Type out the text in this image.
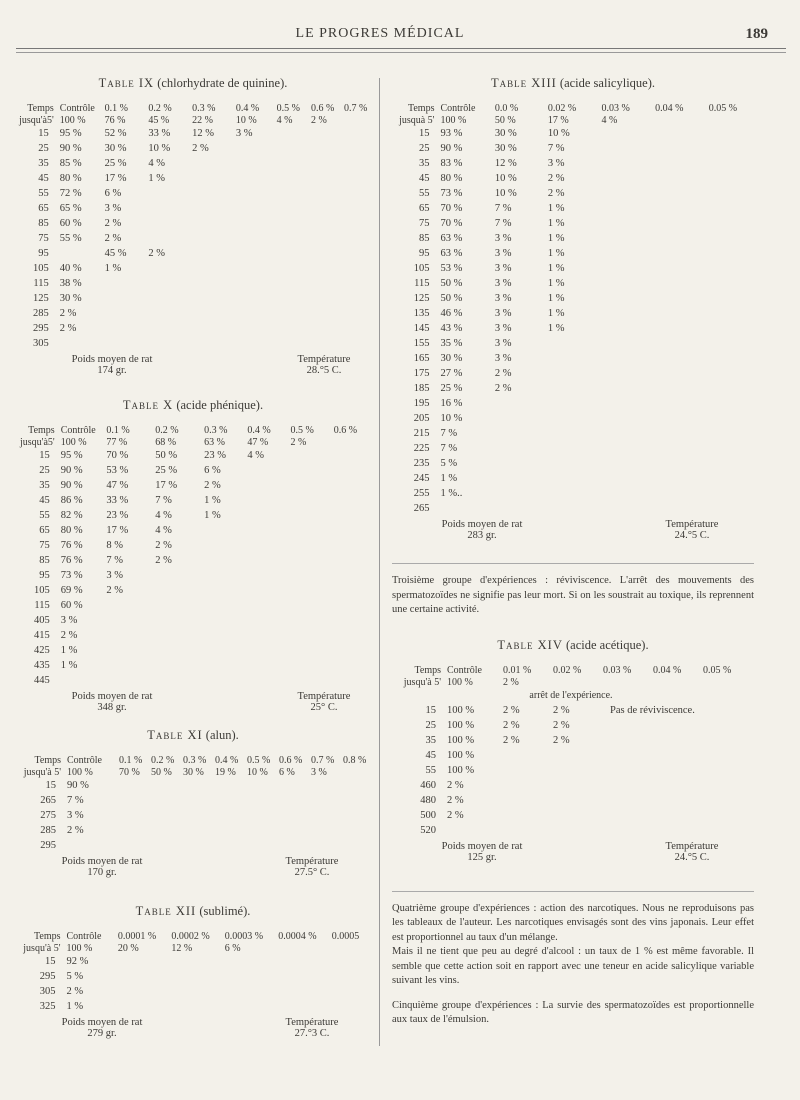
LE PROGRES MÉDICAL	189
Table IX (chlorhydrate de quinine).
Temps	Contrôle	0.1 %	0.2 %	0.3 %	0.4 %	0.5 %	0.6 %	0.7 %
jusqu'à5'	100 %	76 %	45 %	22 %	10 %	4 %	2 %	
15	95 %	52 %	33 %	12 %	3 %			
25	90 %	30 %	10 %	2 %				
35	85 %	25 %	4 %					
45	80 %	17 %	1 %					
55	72 %	6 %						
65	65 %	3 %						
85	60 %	2 %						
75	55 %	2 %						
95		45 %	2 %					
105	40 %	1 %						
115	38 %							
125	30 %							
285	2 %							
295	2 %							
305								
Poids moyen de rat
174 gr.
Température
28.°5 C.
Table X (acide phénique).
Temps	Contrôle	0.1 %	0.2 %	0.3 %	0.4 %	0.5 %	0.6 %
jusqu'à5'	100 %	77 %	68 %	63 %	47 %	2 %	
15	95 %	70 %	50 %	23 %	4 %		
25	90 %	53 %	25 %	6 %			
35	90 %	47 %	17 %	2 %			
45	86 %	33 %	7 %	1 %			
55	82 %	23 %	4 %	1 %			
65	80 %	17 %	4 %				
75	76 %	8 %	2 %				
85	76 %	7 %	2 %				
95	73 %	3 %					
105	69 %	2 %					
115	60 %						
405	3 %						
415	2 %						
425	1 %						
435	1 %						
445							
Poids moyen de rat
348 gr.
Température
25° C.
Table XI (alun).
Temps	Contrôle	0.1 %	0.2 %	0.3 %	0.4 %	0.5 %	0.6 %	0.7 %	0.8 %
jusqu'à 5'	100 %	70 %	50 %	30 %	19 %	10 %	6 %	3 %	
15	90 %								
265	7 %								
275	3 %								
285	2 %								
295									
Poids moyen de rat
170 gr.
Température
27.5° C.
Table XII (sublimé).
Temps	Contrôle	0.0001 %	0.0002 %	0.0003 %	0.0004 %	0.0005
jusqu'à 5'	100 %	20 %	12 %	6 %		
15	92 %					
295	5 %					
305	2 %					
325	1 %					
Poids moyen de rat
279 gr.
Température
27.°3 C.
Table XIII (acide salicylique).
Temps	Contrôle	0.0 %	0.02 %	0.03 %	0.04 %	0.05 %
jusquà 5'	100 %	50 %	17 %	4 %		
15	93 %	30 %	10 %			
25	90 %	30 %	7 %			
35	83 %	12 %	3 %			
45	80 %	10 %	2 %			
55	73 %	10 %	2 %			
65	70 %	7 %	1 %			
75	70 %	7 %	1 %			
85	63 %	3 %	1 %			
95	63 %	3 %	1 %			
105	53 %	3 %	1 %			
115	50 %	3 %	1 %			
125	50 %	3 %	1 %			
135	46 %	3 %	1 %			
145	43 %	3 %	1 %			
155	35 %	3 %				
165	30 %	3 %				
175	27 %	2 %				
185	25 %	2 %				
195	16 %					
205	10 %					
215	7 %					
225	7 %					
235	5 %					
245	1 %					
255	1 %..					
265						
Poids moyen de rat
283 gr.
Température
24.°5 C.

Troisième groupe d'expériences : réviviscence. L'arrêt des mouvements des spermatozoïdes ne signifie pas leur mort. Si on les soustrait au toxique, ils reprennent une certaine activité.

Table XIV (acide acétique).
Temps	Contrôle	0.01 %	0.02 %	0.03 %	0.04 %	0.05 %
jusqu'à 5'	100 %	2 %				
arrêt de l'expérience.						
15	100 %	2 %	2 %	Pas de réviviscence.		
25	100 %	2 %	2 %			
35	100 %	2 %	2 %			
45	100 %					
55	100 %					
460	2 %					
480	2 %					
500	2 %					
520						
Poids moyen de rat
125 gr.
Température
24.°5 C.

Quatrième groupe d'expériences : action des narcotiques. Nous ne reproduisons pas les tableaux de l'auteur. Les narcotiques envisagés sont des vins japonais. Leur effet est proportionnel au taux d'un mélange.

Mais il ne tient que peu au degré d'alcool : un taux de 1 % est même favorable. Il semble que cette action soit en rapport avec une teneur en acide salicylique variable suivant les vins.

Cinquième groupe d'expériences : La survie des spermatozoïdes est proportionnelle aux taux de l'émulsion.
